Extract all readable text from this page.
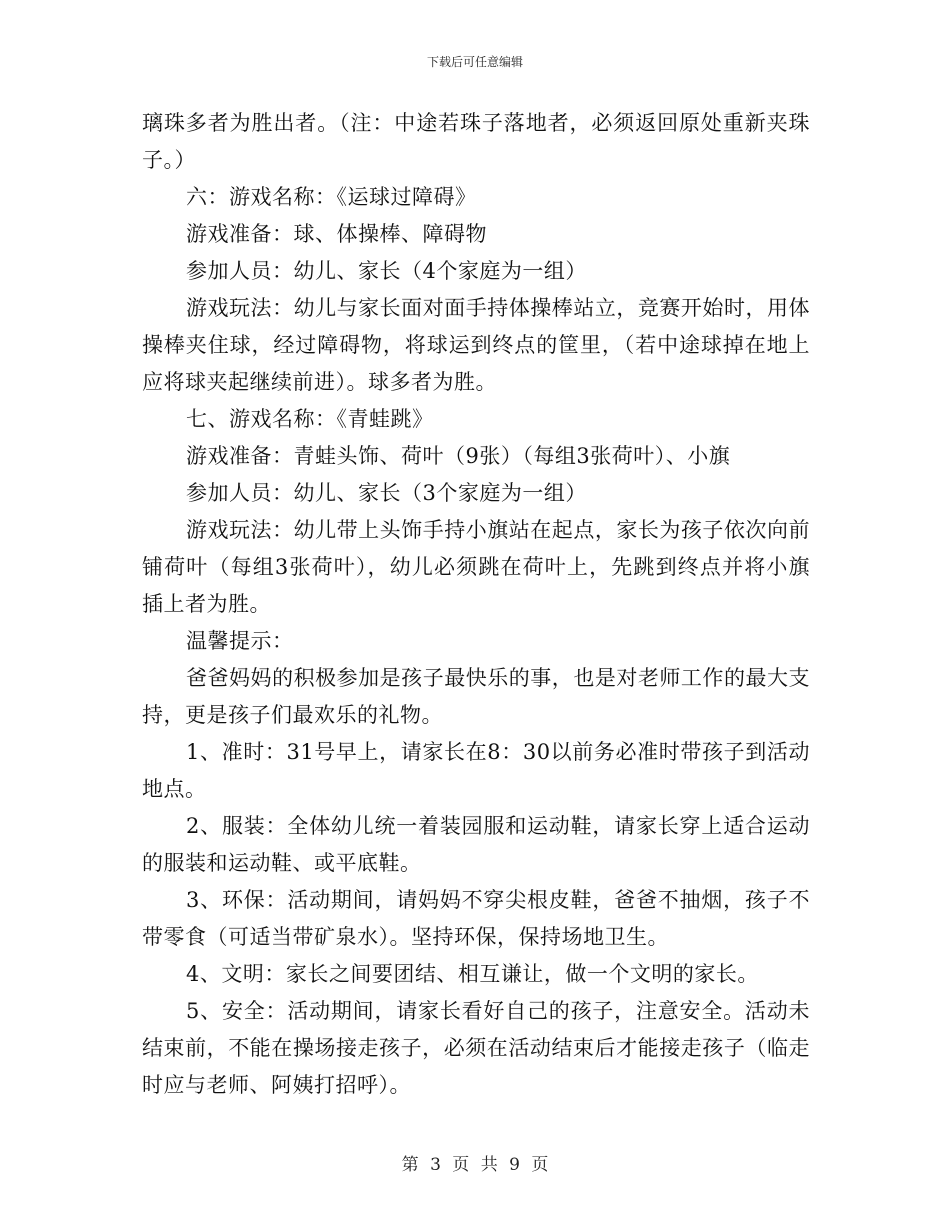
下载后可任意编辑

璃珠多者为胜出者。（注：中途若珠子落地者，必须返回原处重新夹珠子。）

六：游戏名称：《运球过障碍》

游戏准备：球、体操棒、障碍物

参加人员：幼儿、家长（4个家庭为一组）

游戏玩法：幼儿与家长面对面手持体操棒站立，竞赛开始时，用体操棒夹住球，经过障碍物，将球运到终点的筐里，（若中途球掉在地上应将球夹起继续前进）。球多者为胜。

七、游戏名称：《青蛙跳》

游戏准备：青蛙头饰、荷叶（9张）（每组3张荷叶）、小旗

参加人员：幼儿、家长（3个家庭为一组）

游戏玩法：幼儿带上头饰手持小旗站在起点，家长为孩子依次向前铺荷叶（每组3张荷叶），幼儿必须跳在荷叶上，先跳到终点并将小旗插上者为胜。

温馨提示：

爸爸妈妈的积极参加是孩子最快乐的事，也是对老师工作的最大支持，更是孩子们最欢乐的礼物。

1、准时：31号早上，请家长在8：30以前务必准时带孩子到活动地点。

2、服装：全体幼儿统一着装园服和运动鞋，请家长穿上适合运动的服装和运动鞋、或平底鞋。

3、环保：活动期间，请妈妈不穿尖根皮鞋，爸爸不抽烟，孩子不带零食（可适当带矿泉水）。坚持环保，保持场地卫生。

4、文明：家长之间要团结、相互谦让，做一个文明的家长。

5、安全：活动期间，请家长看好自己的孩子，注意安全。活动未结束前，不能在操场接走孩子，必须在活动结束后才能接走孩子（临走时应与老师、阿姨打招呼）。

第 3 页 共 9 页
